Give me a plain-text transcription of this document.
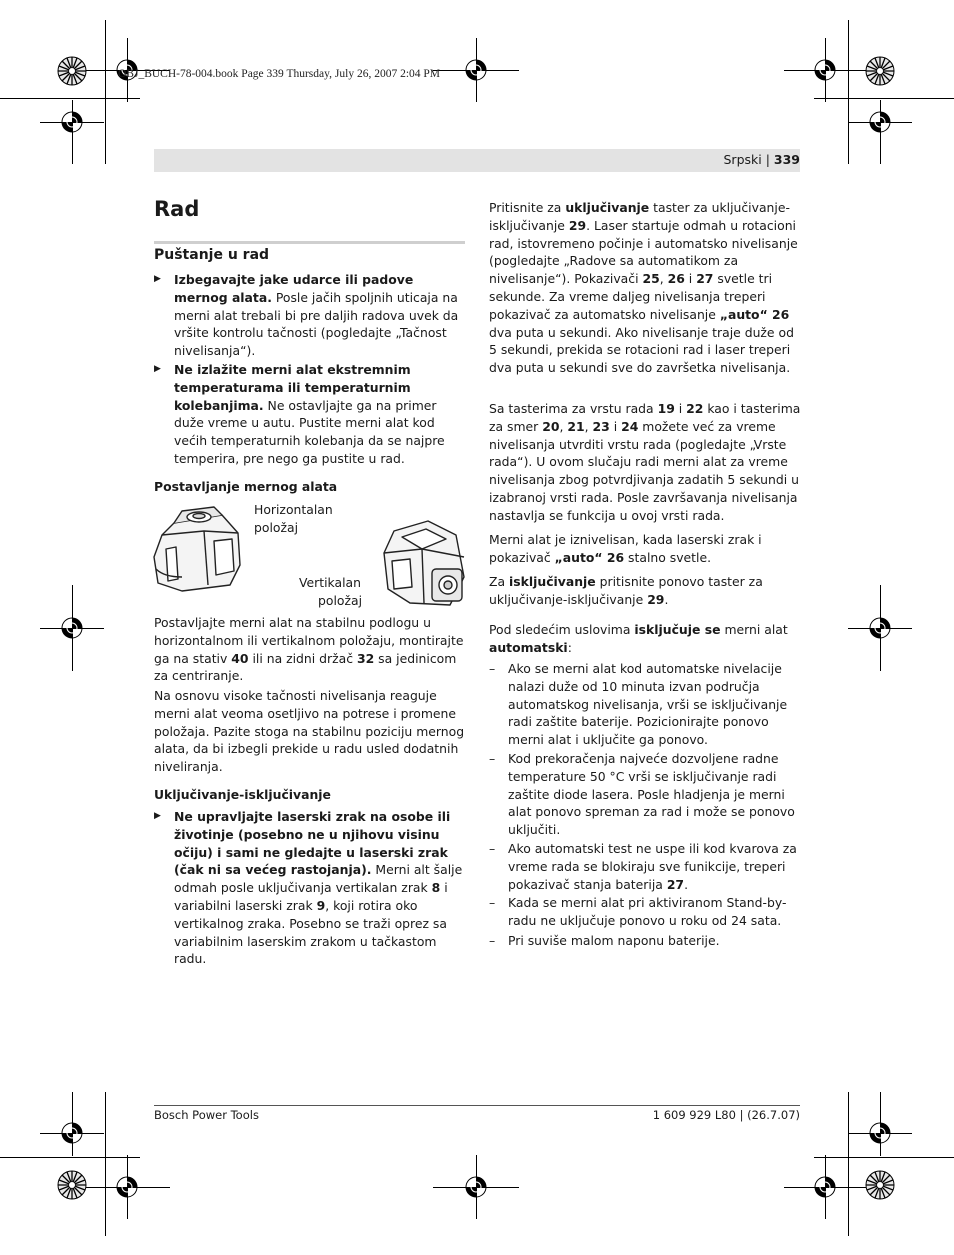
OBJ_BUCH-78-004.book Page 339 Thursday, July 26, 2007 2:04 PM
Srpski | 339
Rad
Puštanje u rad
▶ Izbegavajte jake udarce ili padove mernog alata. Posle jačih spoljnih uticaja na merni alat trebali bi pre daljih radova uvek da vršite kontrolu tačnosti (pogledajte „Tačnost nivelisanja“).
▶ Ne izlažite merni alat ekstremnim temperaturama ili temperaturnim kolebanjima. Ne ostavljajte ga na primer duže vreme u autu. Pustite merni alat kod većih temperaturnih kolebanja da se najpre temperira, pre nego ga pustite u rad.
Postavljanje mernog alata
Horizontalan
položaj
Vertikalan
položaj
Postavljajte merni alat na stabilnu podlogu u horizontalnom ili vertikalnom položaju, montirajte ga na stativ 40 ili na zidni držač 32 sa jedinicom za centriranje.
Na osnovu visoke tačnosti nivelisanja reaguje merni alat veoma osetljivo na potrese i promene položaja. Pazite stoga na stabilnu poziciju mernog alata, da bi izbegli prekide u radu usled dodatnih niveliranja.
Uključivanje-isključivanje
▶ Ne upravljajte laserski zrak na osobe ili životinje (posebno ne u njihovu visinu očiju) i sami ne gledajte u laserski zrak (čak ni sa većeg rastojanja). Merni alt šalje odmah posle uključivanja vertikalan zrak 8 i variabilni laserski zrak 9, koji rotira oko vertikalnog zraka. Posebno se traži oprez sa variabilnim laserskim zrakom u tačkastom radu.
Pritisnite za uključivanje taster za uključivanje-isključivanje 29. Laser startuje odmah u rotacioni rad, istovremeno počinje i automatsko nivelisanje (pogledajte „Radove sa automatikom za nivelisanje“). Pokazivači 25, 26 i 27 svetle tri sekunde. Za vreme daljeg nivelisanja treperi pokazivač za automatsko nivelisanje „auto“ 26 dva puta u sekundi. Ako nivelisanje traje duže od 5 sekundi, prekida se rotacioni rad i laser treperi dva puta u sekundi sve do završetka nivelisanja.
Sa tasterima za vrstu rada 19 i 22 kao i tasterima za smer 20, 21, 23 i 24 možete već za vreme nivelisanja utvrditi vrstu rada (pogledajte „Vrste rada“). U ovom slučaju radi merni alat za vreme nivelisanja zbog potvrdjivanja zadatih 5 sekundi u izabranoj vrsti rada. Posle završavanja nivelisanja nastavlja se funkcija u ovoj vrsti rada.
Merni alat je iznivelisan, kada laserski zrak i pokazivač „auto“ 26 stalno svetle.
Za isključivanje pritisnite ponovo taster za uključivanje-isključivanje 29.
Pod sledećim uslovima isključuje se merni alat automatski:
– Ako se merni alat kod automatske nivelacije nalazi duže od 10 minuta izvan područja automatskog nivelisanja, vrši se isključivanje radi zaštite baterije. Pozicionirajte ponovo merni alat i uključite ga ponovo.
– Kod prekoračenja najveće dozvoljene radne temperature 50 °C vrši se isključivanje radi zaštite diode lasera. Posle hladjenja je merni alat ponovo spreman za rad i može se ponovo uključiti.
– Ako automatski test ne uspe ili kod kvarova za vreme rada se blokiraju sve funikcije, treperi pokazivač stanja baterija 27.
– Kada se merni alat pri aktiviranom Stand-by-radu ne uključuje ponovo u roku od 24 sata.
– Pri suviše malom naponu baterije.
Bosch Power Tools	1 609 929 L80 | (26.7.07)
